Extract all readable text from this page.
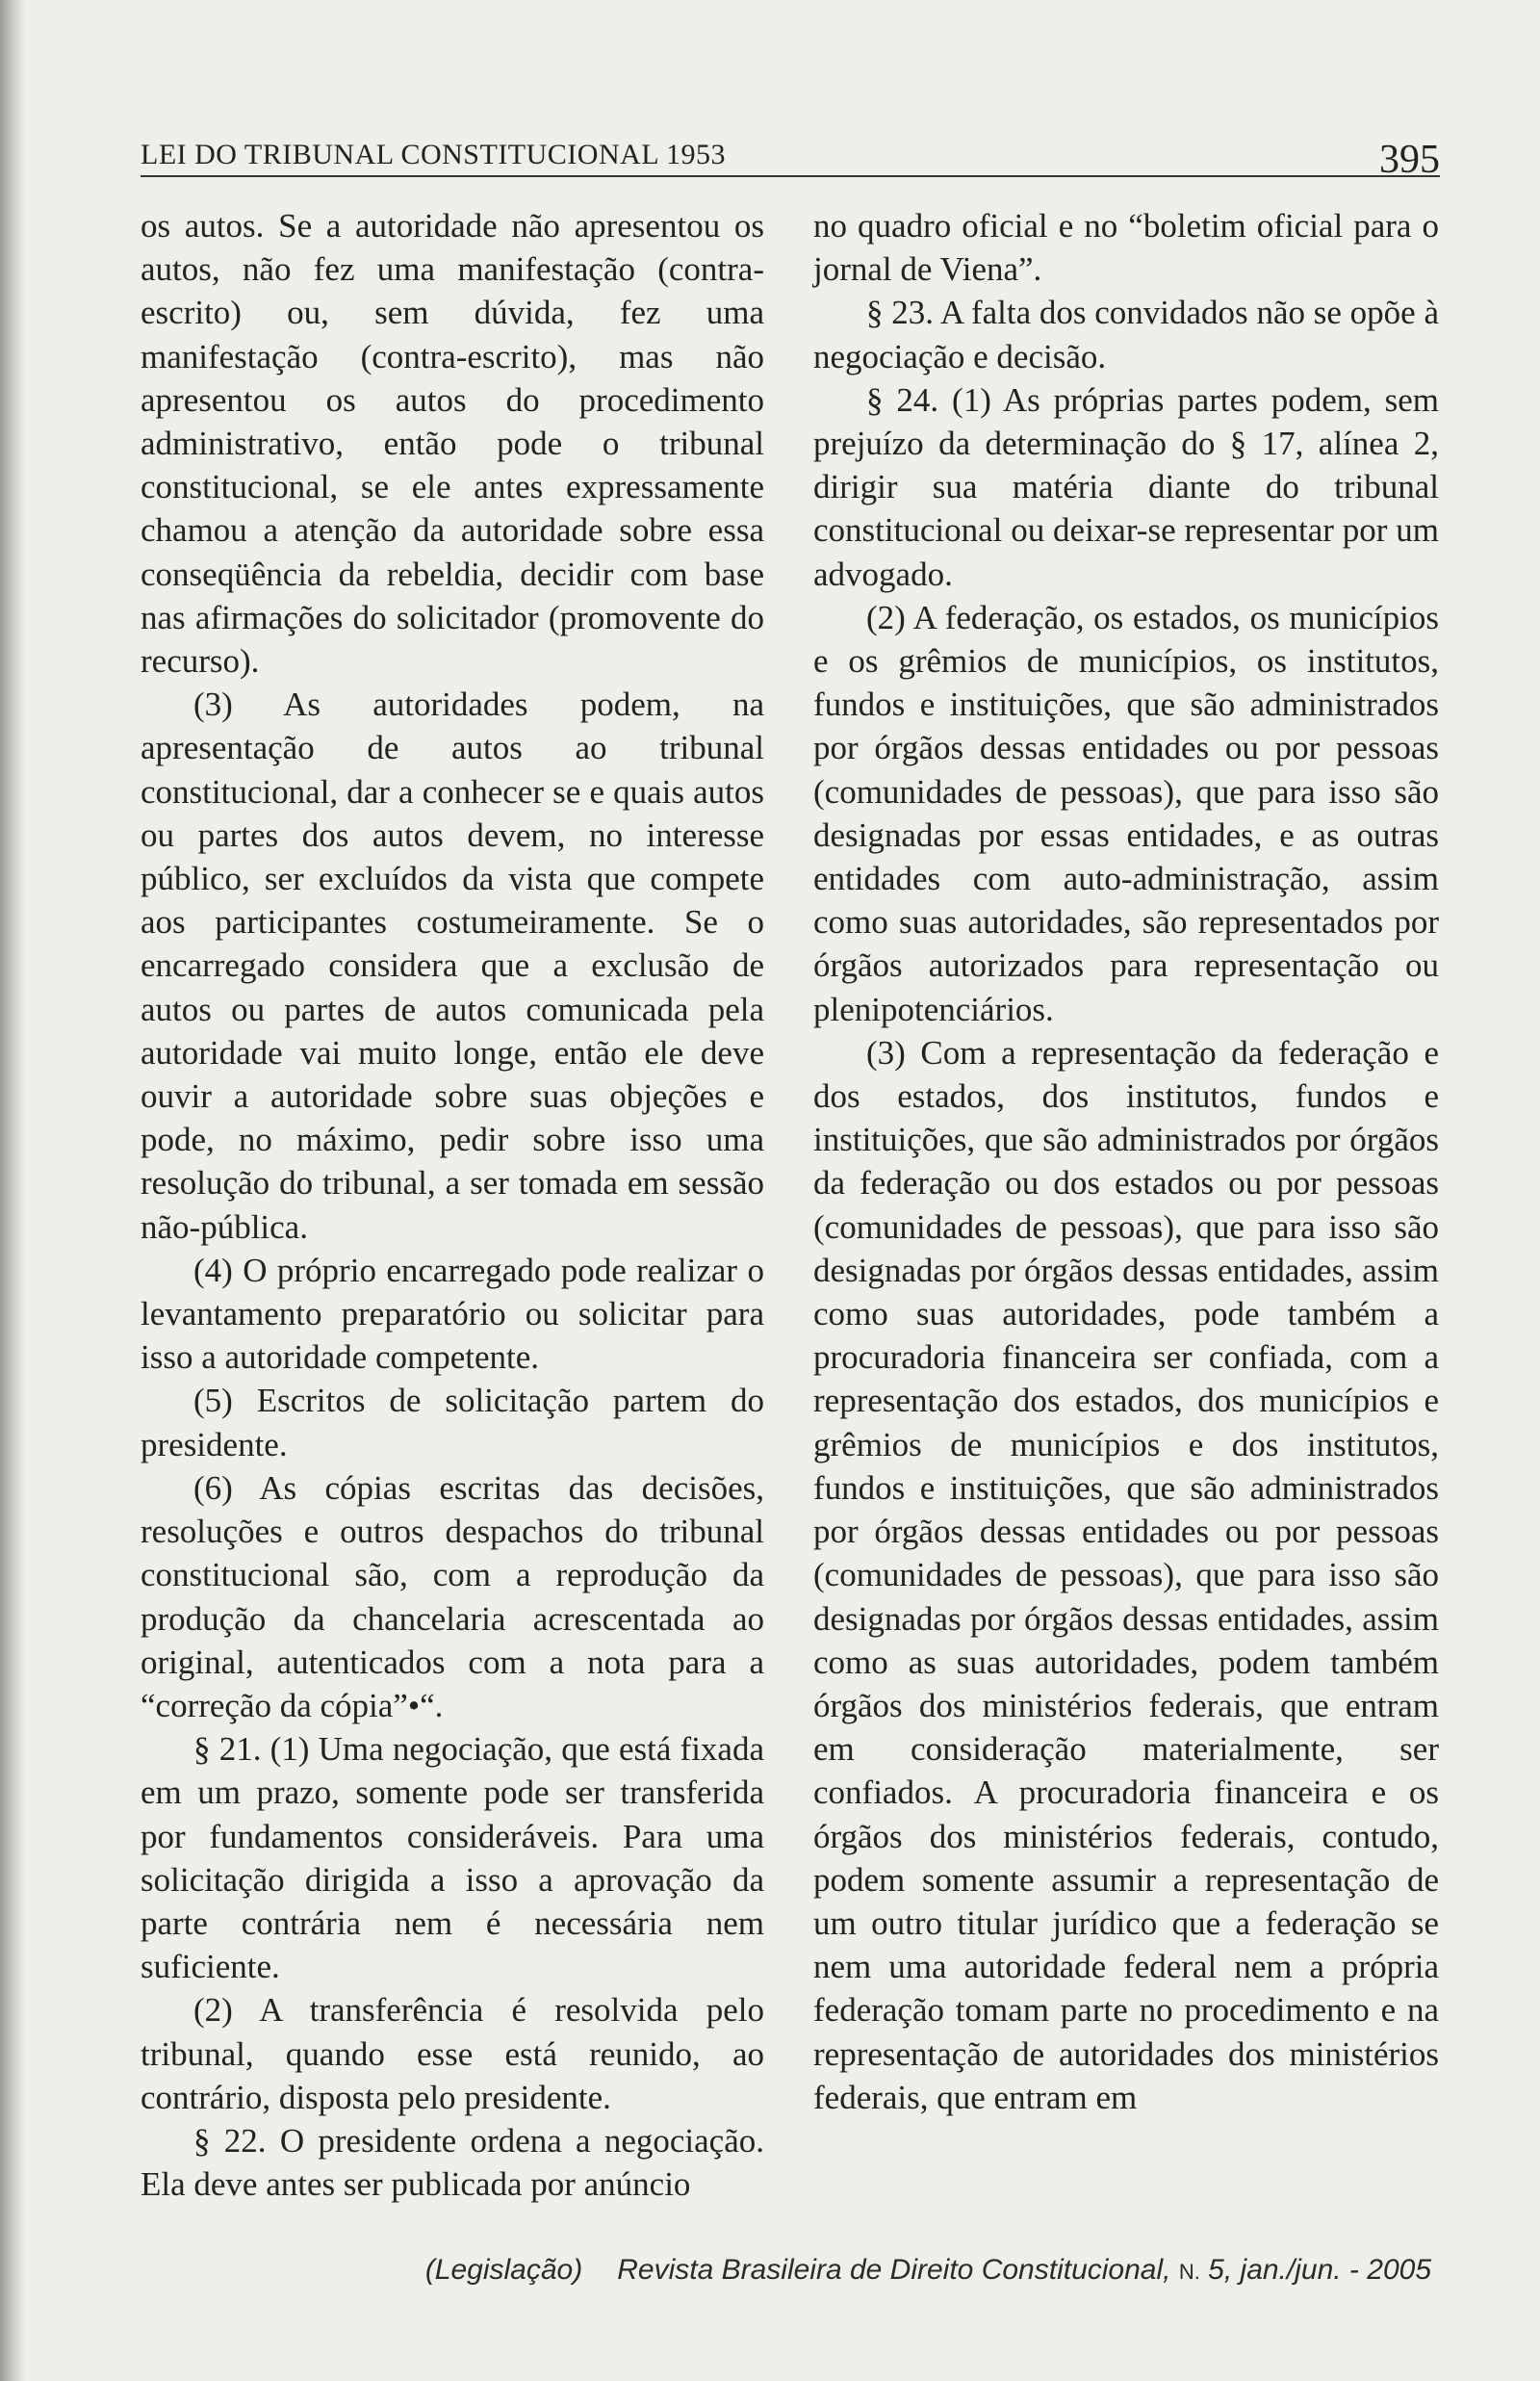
LEI DO TRIBUNAL CONSTITUCIONAL 1953	395

os autos. Se a autoridade não apresentou os autos, não fez uma manifestação (contra-escrito) ou, sem dúvida, fez uma manifestação (contra-escrito), mas não apresentou os autos do procedimento administrativo, então pode o tribunal constitucional, se ele antes expressamente chamou a atenção da autoridade sobre essa conseqüência da rebeldia, decidir com base nas afirmações do solicitador (promovente do recurso).

(3) As autoridades podem, na apresentação de autos ao tribunal constitucional, dar a conhecer se e quais autos ou partes dos autos devem, no interesse público, ser excluídos da vista que compete aos participantes costumeiramente. Se o encarregado considera que a exclusão de autos ou partes de autos comunicada pela autoridade vai muito longe, então ele deve ouvir a autoridade sobre suas objeções e pode, no máximo, pedir sobre isso uma resolução do tribunal, a ser tomada em sessão não-pública.

(4) O próprio encarregado pode realizar o levantamento preparatório ou solicitar para isso a autoridade competente.

(5) Escritos de solicitação partem do presidente.

(6) As cópias escritas das decisões, resoluções e outros despachos do tribunal constitucional são, com a reprodução da produção da chancelaria acrescentada ao original, autenticados com a nota para a “correção da cópia”•“.

§ 21. (1) Uma negociação, que está fixada em um prazo, somente pode ser transferida por fundamentos consideráveis. Para uma solicitação dirigida a isso a aprovação da parte contrária nem é necessária nem suficiente.

(2) A transferência é resolvida pelo tribunal, quando esse está reunido, ao contrário, disposta pelo presidente.

§ 22. O presidente ordena a negociação. Ela deve antes ser publicada por anúncio

no quadro oficial e no “boletim oficial para o jornal de Viena”.

§ 23. A falta dos convidados não se opõe à negociação e decisão.

§ 24. (1) As próprias partes podem, sem prejuízo da determinação do § 17, alínea 2, dirigir sua matéria diante do tribunal constitucional ou deixar-se representar por um advogado.

(2) A federação, os estados, os municípios e os grêmios de municípios, os institutos, fundos e instituições, que são administrados por órgãos dessas entidades ou por pessoas (comunidades de pessoas), que para isso são designadas por essas entidades, e as outras entidades com auto-administração, assim como suas autoridades, são representados por órgãos autorizados para representação ou plenipotenciários.

(3) Com a representação da federação e dos estados, dos institutos, fundos e instituições, que são administrados por órgãos da federação ou dos estados ou por pessoas (comunidades de pessoas), que para isso são designadas por órgãos dessas entidades, assim como suas autoridades, pode também a procuradoria financeira ser confiada, com a representação dos estados, dos municípios e grêmios de municípios e dos institutos, fundos e instituições, que são administrados por órgãos dessas entidades ou por pessoas (comunidades de pessoas), que para isso são designadas por órgãos dessas entidades, assim como as suas autoridades, podem também órgãos dos ministérios federais, que entram em consideração materialmente, ser confiados. A procuradoria financeira e os órgãos dos ministérios federais, contudo, podem somente assumir a representação de um outro titular jurídico que a federação se nem uma autoridade federal nem a própria federação tomam parte no procedimento e na representação de autoridades dos ministérios federais, que entram em

(Legislação) Revista Brasileira de Direito Constitucional, N. 5, jan./jun. - 2005
